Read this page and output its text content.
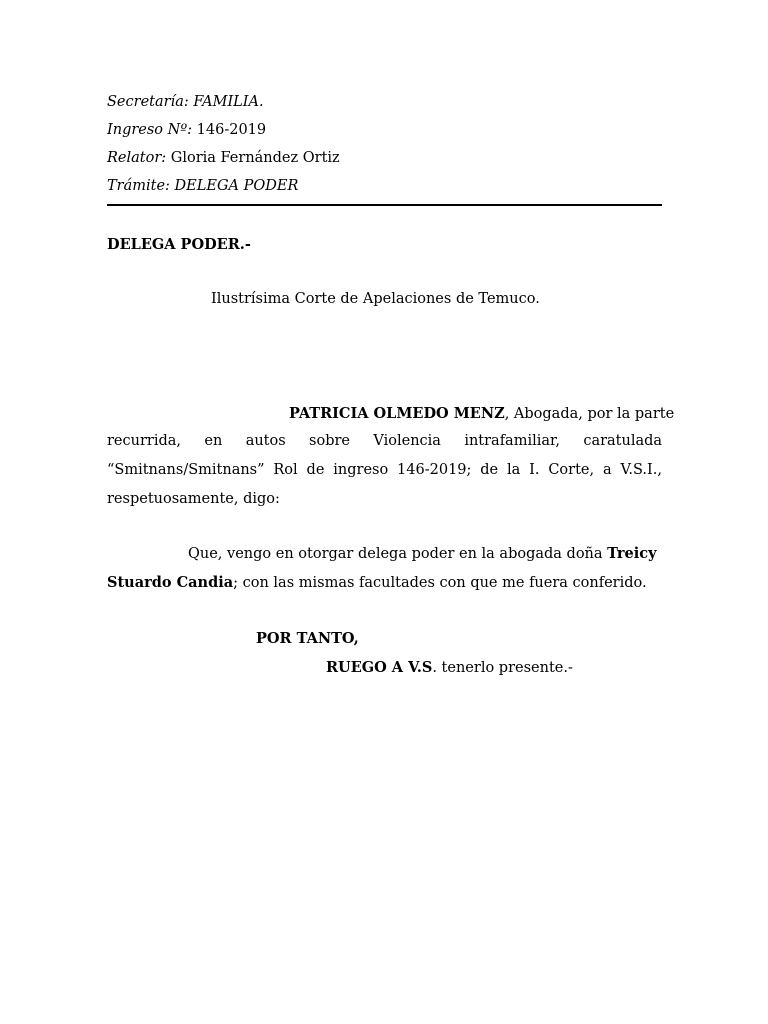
Secretaría: FAMILIA.
Ingreso Nº: 146-2019
Relator: Gloria Fernández Ortiz
Trámite: DELEGA PODER
DELEGA PODER.-
Ilustrísima Corte de Apelaciones de Temuco.
PATRICIA OLMEDO MENZ, Abogada, por la parte
recurrida, en autos sobre Violencia intrafamiliar, caratulada
“Smitnans/Smitnans” Rol de ingreso 146-2019; de la I. Corte, a V.S.I.,
respetuosamente, digo:
Que, vengo en otorgar delega poder en la abogada doña Treicy
Stuardo Candia; con las mismas facultades con que me fuera conferido.
POR TANTO,
RUEGO A V.S. tenerlo presente.-
